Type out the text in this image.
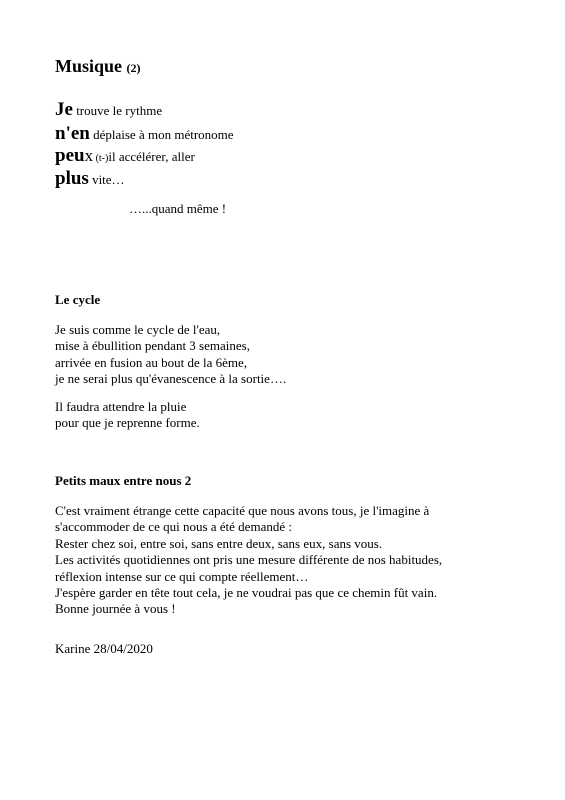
Musique (2)
Je trouve le rythme
n'en déplaise à mon métronome
peux (t-)il accélérer, aller
plus vite…
…...quand même !
Le cycle
Je suis comme le cycle de l'eau,
mise à ébullition pendant 3 semaines,
arrivée en fusion au bout de la 6ème,
je ne serai plus qu'évanescence à la sortie….
Il faudra attendre la pluie
pour que je reprenne forme.
Petits maux entre nous 2
C'est vraiment étrange cette capacité que nous avons tous, je l'imagine à
s'accommoder de ce qui nous a été demandé :
Rester chez soi, entre soi, sans entre deux, sans eux, sans vous.
Les activités quotidiennes ont pris une mesure différente de nos habitudes,
réflexion intense sur ce qui compte réellement…
J'espère garder en tête tout cela, je ne voudrai pas que ce chemin fût vain.
Bonne journée à vous !
Karine 28/04/2020
